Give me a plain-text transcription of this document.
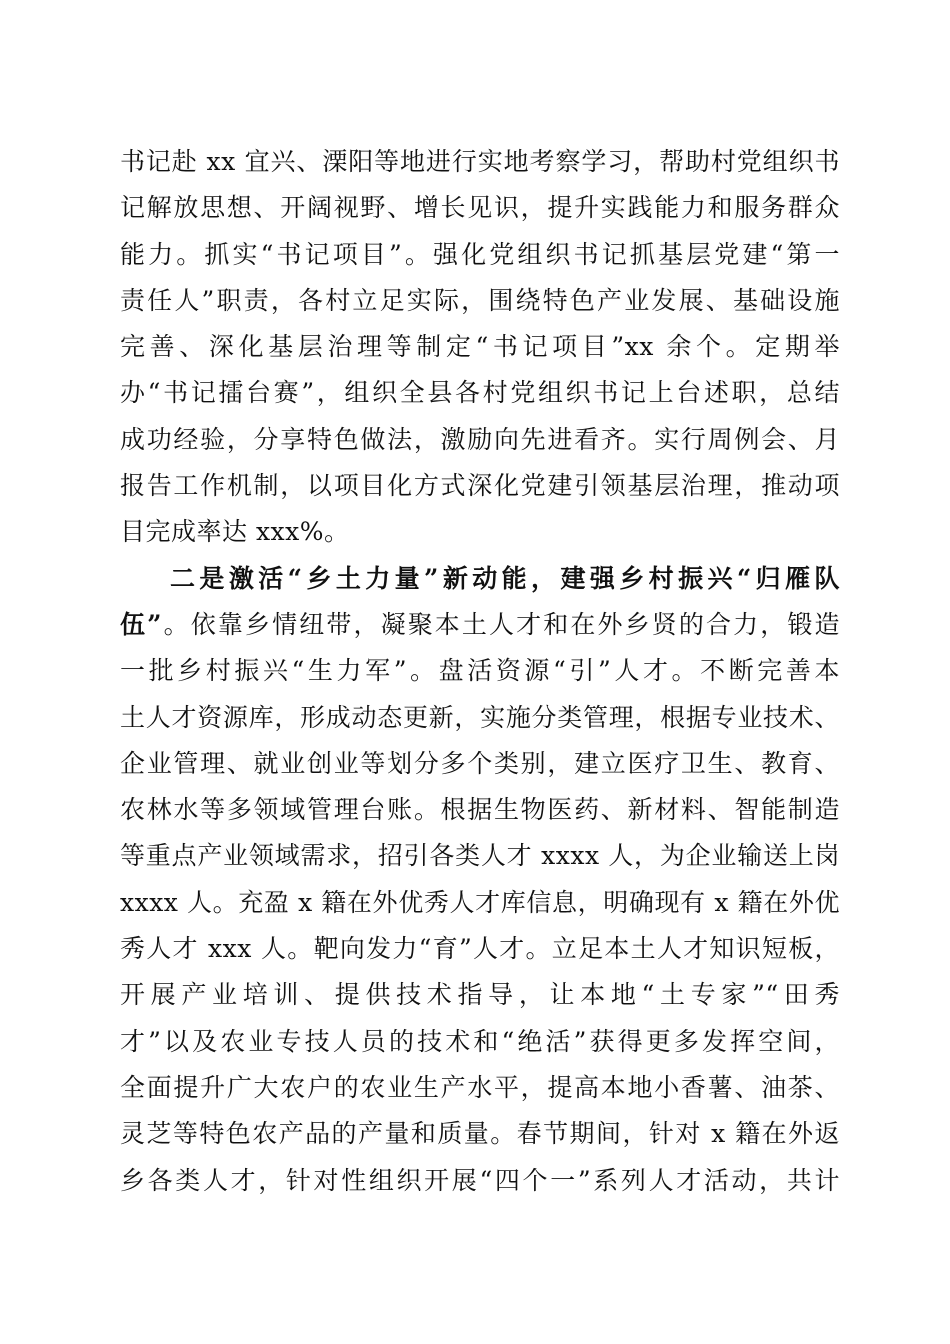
书记赴 xx 宜兴、溧阳等地进行实地考察学习，帮助村党组织书
记解放思想、开阔视野、增长见识，提升实践能力和服务群众
能力。抓实“书记项目”。强化党组织书记抓基层党建“第一
责任人”职责，各村立足实际，围绕特色产业发展、基础设施
完善、深化基层治理等制定“书记项目”xx 余个。定期举
办“书记擂台赛”，组织全县各村党组织书记上台述职，总结
成功经验，分享特色做法，激励向先进看齐。实行周例会、月
报告工作机制，以项目化方式深化党建引领基层治理，推动项
目完成率达 xxx%。
二是激活“乡土力量”新动能，建强乡村振兴“归雁队
伍”。依靠乡情纽带，凝聚本土人才和在外乡贤的合力，锻造
一批乡村振兴“生力军”。盘活资源“引”人才。不断完善本
土人才资源库，形成动态更新，实施分类管理，根据专业技术、
企业管理、就业创业等划分多个类别，建立医疗卫生、教育、
农林水等多领域管理台账。根据生物医药、新材料、智能制造
等重点产业领域需求，招引各类人才 xxxx 人，为企业输送上岗
xxxx 人。充盈 x 籍在外优秀人才库信息，明确现有 x 籍在外优
秀人才 xxx 人。靶向发力“育”人才。立足本土人才知识短板，
开展产业培训、提供技术指导，让本地“土专家”“田秀
才”以及农业专技人员的技术和“绝活”获得更多发挥空间，
全面提升广大农户的农业生产水平，提高本地小香薯、油茶、
灵芝等特色农产品的产量和质量。春节期间，针对 x 籍在外返
乡各类人才，针对性组织开展“四个一”系列人才活动，共计
